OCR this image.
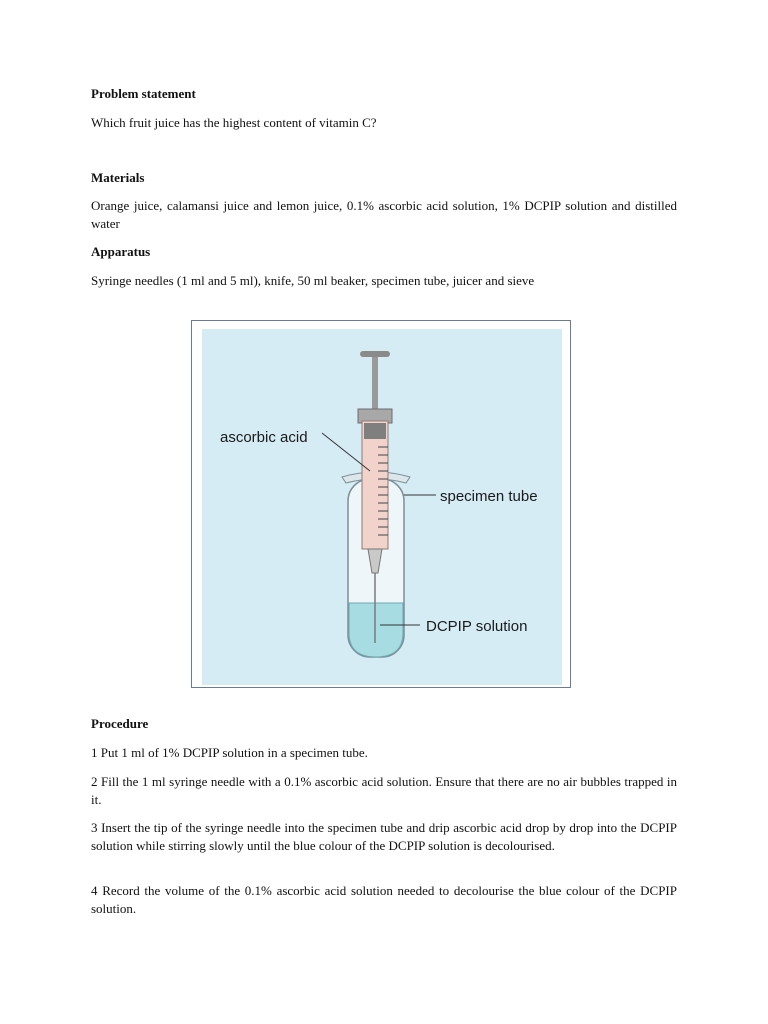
Problem statement
Which fruit juice has the highest content of vitamin C?
Materials
Orange juice, calamansi juice and lemon juice, 0.1% ascorbic acid solution, 1% DCPIP solution and distilled water
Apparatus
Syringe needles (1 ml and 5 ml), knife, 50 ml beaker, specimen tube, juicer and sieve
Procedure
1 Put 1 ml of 1% DCPIP solution in a specimen tube.
2 Fill the 1 ml syringe needle with a 0.1% ascorbic acid solution. Ensure that there are no air bubbles trapped in it.
3 Insert the tip of the syringe needle into the specimen tube and drip ascorbic acid drop by drop into the DCPIP solution while stirring slowly until the blue colour of the DCPIP solution is decolourised.
4 Record the volume of the 0.1% ascorbic acid solution needed to decolourise the blue colour of the DCPIP solution.
ascorbic acid
specimen tube
DCPIP solution
